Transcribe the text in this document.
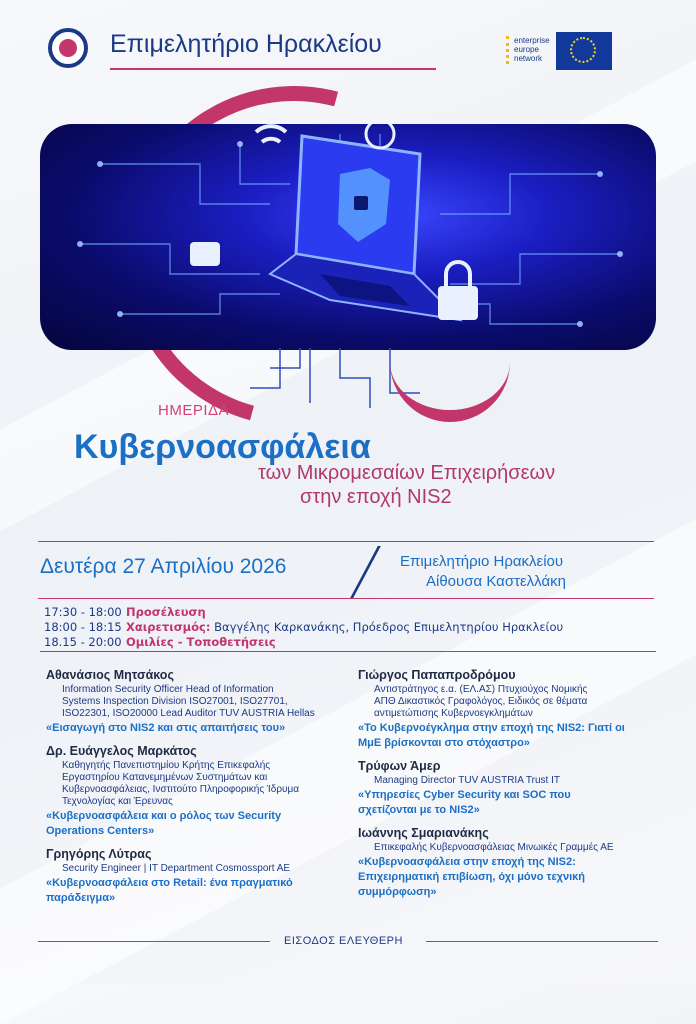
Επιμελητήριο Ηρακλείου	enterprise
europe
network
ΗΜΕΡΙΔΑ
Κυβερνοασφάλεια
των Μικρομεσαίων Επιχειρήσεων
στην εποχή NIS2
Δευτέρα 27 Απριλίου 2026	Επιμελητήριο Ηρακλείου
Αίθουσα Καστελλάκη
17:30 - 18:00 Προσέλευση
18:00 - 18:15 Χαιρετισμός: Βαγγέλης Καρκανάκης, Πρόεδρος Επιμελητηρίου Ηρακλείου
18.15 - 20:00 Ομιλίες - Τοποθετήσεις
Αθανάσιος Μητσάκος
Information Security Officer Head of Information
Systems Inspection Division ISO27001, ISO27701,
ISO22301, ISO20000 Lead Auditor TUV AUSTRIA Hellas
«Εισαγωγή στο NIS2 και στις απαιτήσεις του»
Δρ. Ευάγγελος Μαρκάτος
Καθηγητής Πανεπιστημίου Κρήτης Επικεφαλής
Εργαστηρίου Κατανεμημένων Συστημάτων και
Κυβερνοασφάλειας, Ινστιτούτο Πληροφορικής Ίδρυμα
Τεχνολογίας και Έρευνας
«Κυβερνοασφάλεια και ο ρόλος των Security
Operations Centers»
Γρηγόρης Λύτρας
Security Engineer | IT Department Cosmossport AE
«Κυβερνοασφάλεια στο Retail: ένα πραγματικό
παράδειγμα»
Γιώργος Παπαπροδρόμου
Αντιστράτηγος ε.α. (ΕΛ.ΑΣ) Πτυχιούχος Νομικής
ΑΠΘ Δικαστικός Γραφολόγος, Ειδικός σε θέματα
αντιμετώπισης Κυβερνοεγκλημάτων
«Το Κυβερνοέγκλημα στην εποχή της NIS2: Γιατί οι
ΜμΕ βρίσκονται στο στόχαστρο»
Τρύφων Άμερ
Managing Director TUV AUSTRIA Trust IT
«Υπηρεσίες Cyber Security και SOC που
σχετίζονται με το NIS2»
Ιωάννης Σμαριανάκης
Επικεφαλής Κυβερνοασφάλειας Μινωικές Γραμμές ΑΕ
«Κυβερνοασφάλεια στην εποχή της NIS2:
Επιχειρηματική επιβίωση, όχι μόνο τεχνική
συμμόρφωση»
ΕΙΣΟΔΟΣ ΕΛΕΥΘΕΡΗ
